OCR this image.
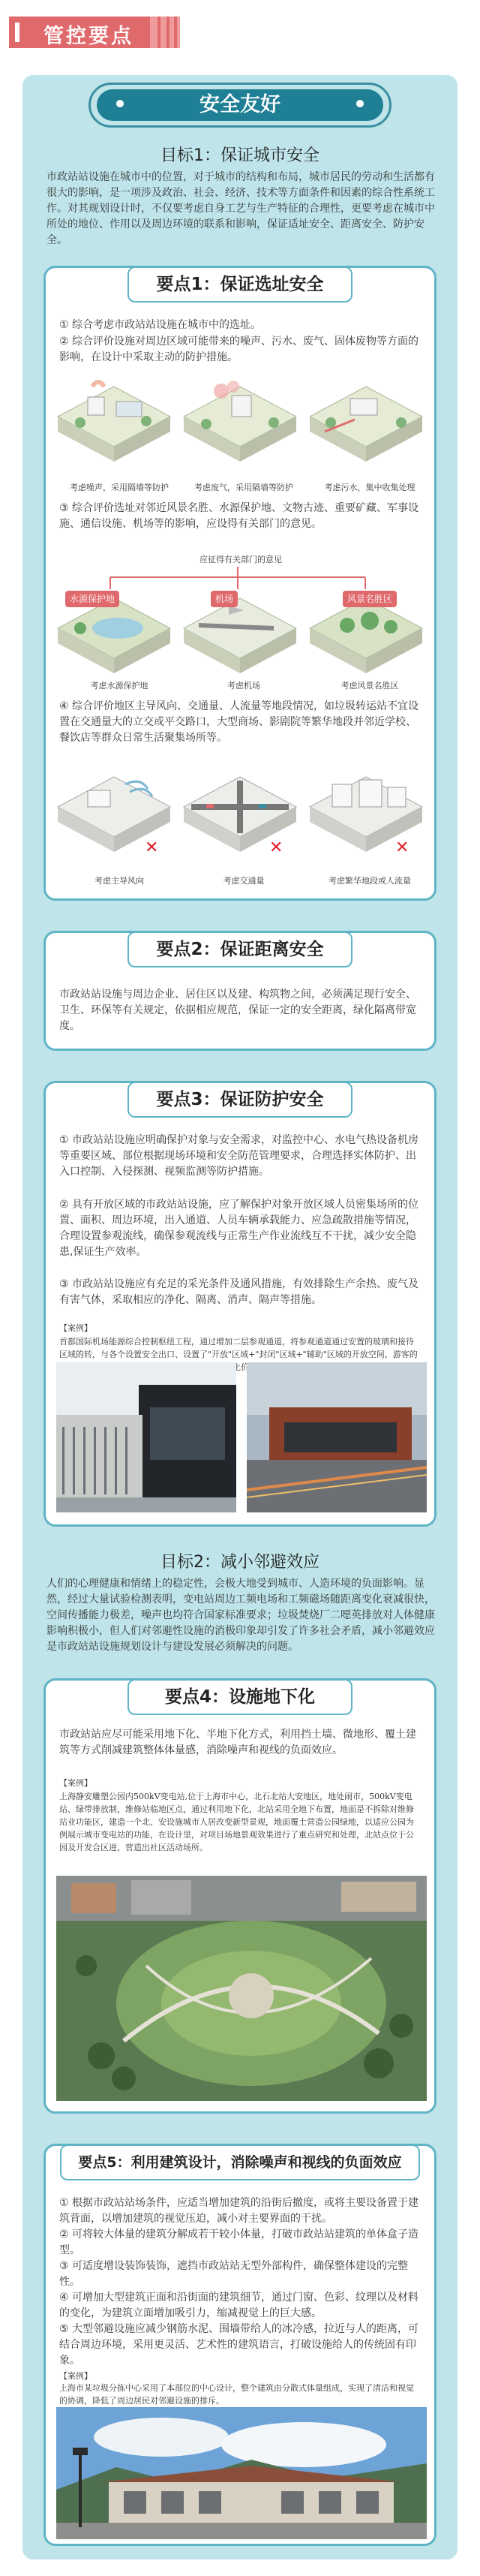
管控要点
安全友好
目标1：保证城市安全
市政站站设施在城市中的位置，对于城市的结构和布局，城市居民的劳动和生活都有很大的影响，是一项涉及政治、社会、经济、技术等方面条件和因素的综合性系统工作。对其规划设计时，不仅要考虑自身工艺与生产特征的合理性，更要考虑在城市中所处的地位、作用以及周边环境的联系和影响，保证适址安全、距离安全、防护安全。
要点1：保证选址安全
① 综合考虑市政站站设施在城市中的选址。
② 综合评价设施对周边区域可能带来的噪声、污水、废气、固体废物等方面的影响，在设计中采取主动的防护措施。
考虑噪声，采用隔墙等防护	考虑废气，采用隔墙等防护	考虑污水，集中收集处理
③ 综合评价选址对邻近风景名胜、水源保护地、文物古迹、重要矿藏、军事设施、通信设施、机场等的影响，应设得有关部门的意见。
应征得有关部门的意见
水源保护地	机场	风景名胜区
考虑水源保护地	考虑机场	考虑风景名胜区
④ 综合评价地区主导风向、交通量、人流量等地段情况，如垃圾转运站不宜设置在交通量大的立交或平交路口，大型商场、影剧院等繁华地段并邻近学校、餐饮店等群众日常生活聚集场所等。
✕	✕	✕
考虑主导风向	考虑交通量	考虑繁华地段或人流量
要点2：保证距离安全
市政站站设施与周边企业、居住区以及建、构筑物之间，必须满足现行安全、卫生、环保等有关规定，依据相应规范，保证一定的安全距离，绿化隔离带宽度。
要点3：保证防护安全
① 市政站站设施应明确保护对象与安全需求，对监控中心、水电气热设备机房等重要区域、部位根据现场环境和安全防范管理要求，合理选择实体防护、出入口控制、入侵探测、视频监测等防护措施。
② 具有开放区域的市政站站设施，应了解保护对象开放区域人员密集场所的位置、面积、周边环境，出入通道、人员车辆承载能力、应急疏散措施等情况，合理设置参观流线，确保参观流线与正常生产作业流线互不干扰，减少安全隐患,保证生产效率。
③ 市政站站设施应有充足的采光条件及通风措施，有效排除生产余热、废气及有害气体，采取相应的净化、隔离、消声、隔声等措施。
【案例】
首都国际机场能源综合控制枢纽工程，通过增加二层参观通道，将参观通道通过安置的玻璃和接待区域的转，与各个设置安全出口、设置了"开放"区域+"封闭"区域+"辅助"区域的开放空间，游客的 化价
目标2：减小邻避效应
人们的心理健康和情绪上的稳定性，会极大地受到城市、人造环境的负面影响。显然，经过大量试验检测表明，变电站周边工频电场和工频磁场随距离变化衰减很快，空间传播能力极差，噪声也均符合国家标准要求；垃圾焚烧厂二噁英排放对人体健康影响积极小，但人们对邻避性设施的消极印象却引发了许多社会矛盾，减小邻避效应是市政站站设施规划设计与建设发展必须解决的问题。
要点4：设施地下化
市政站站应尽可能采用地下化、半地下化方式，利用挡土墙、微地形、覆土建筑等方式削减建筑整体体量感，消除噪声和视线的负面效应。
【案例】
上海静安雕塑公园内500kV变电站,位于上海市中心，北石北站大安地区，地处闹市，500kV变电站、绿带排放制，维修站临地区点，通过利用地下化，北站采用全地下布置，地面是不拆除对维修站业功能区，建造一个北、安设施城市人居改变新型景观，地面覆土营造公园绿地，以适应公园为例展示城市变电站的功能，在设计里，对项目场地景观效果进行了重点研究和处理，北站点位于公园及开发合区进，营造出社区活动场所。
要点5：利用建筑设计，消除噪声和视线的负面效应
① 根据市政站站场条件，应适当增加建筑的沿街后撤度，或将主要设备置于建筑背面，以增加建筑的视觉压迫，减小对主要界面的干扰。
② 可将较大体量的建筑分解成若干较小体量，打破市政站站建筑的单体盒子造型。
③ 可适度增设装饰装饰，遮挡市政站站无型外部构件，确保整体建设的完整性。
④ 可增加大型建筑正面和沿街面的建筑细节，通过门窗、色彩、纹理以及材料的变化，为建筑立面增加吸引力，缩减视觉上的巨大感。
⑤ 大型邻避设施应减少钢筋水泥、围墙带给人的冰冷感，拉近与人的距离，可结合周边环境，采用更灵活、艺术性的建筑语言，打破设施给人的传统固有印象。
【案例】
上海市某垃圾分拣中心采用了本部位的中心设计，整个建筑由分散式体量组成，实现了清洁和视觉的协调，降低了周边居民对邻避设施的排斥。
